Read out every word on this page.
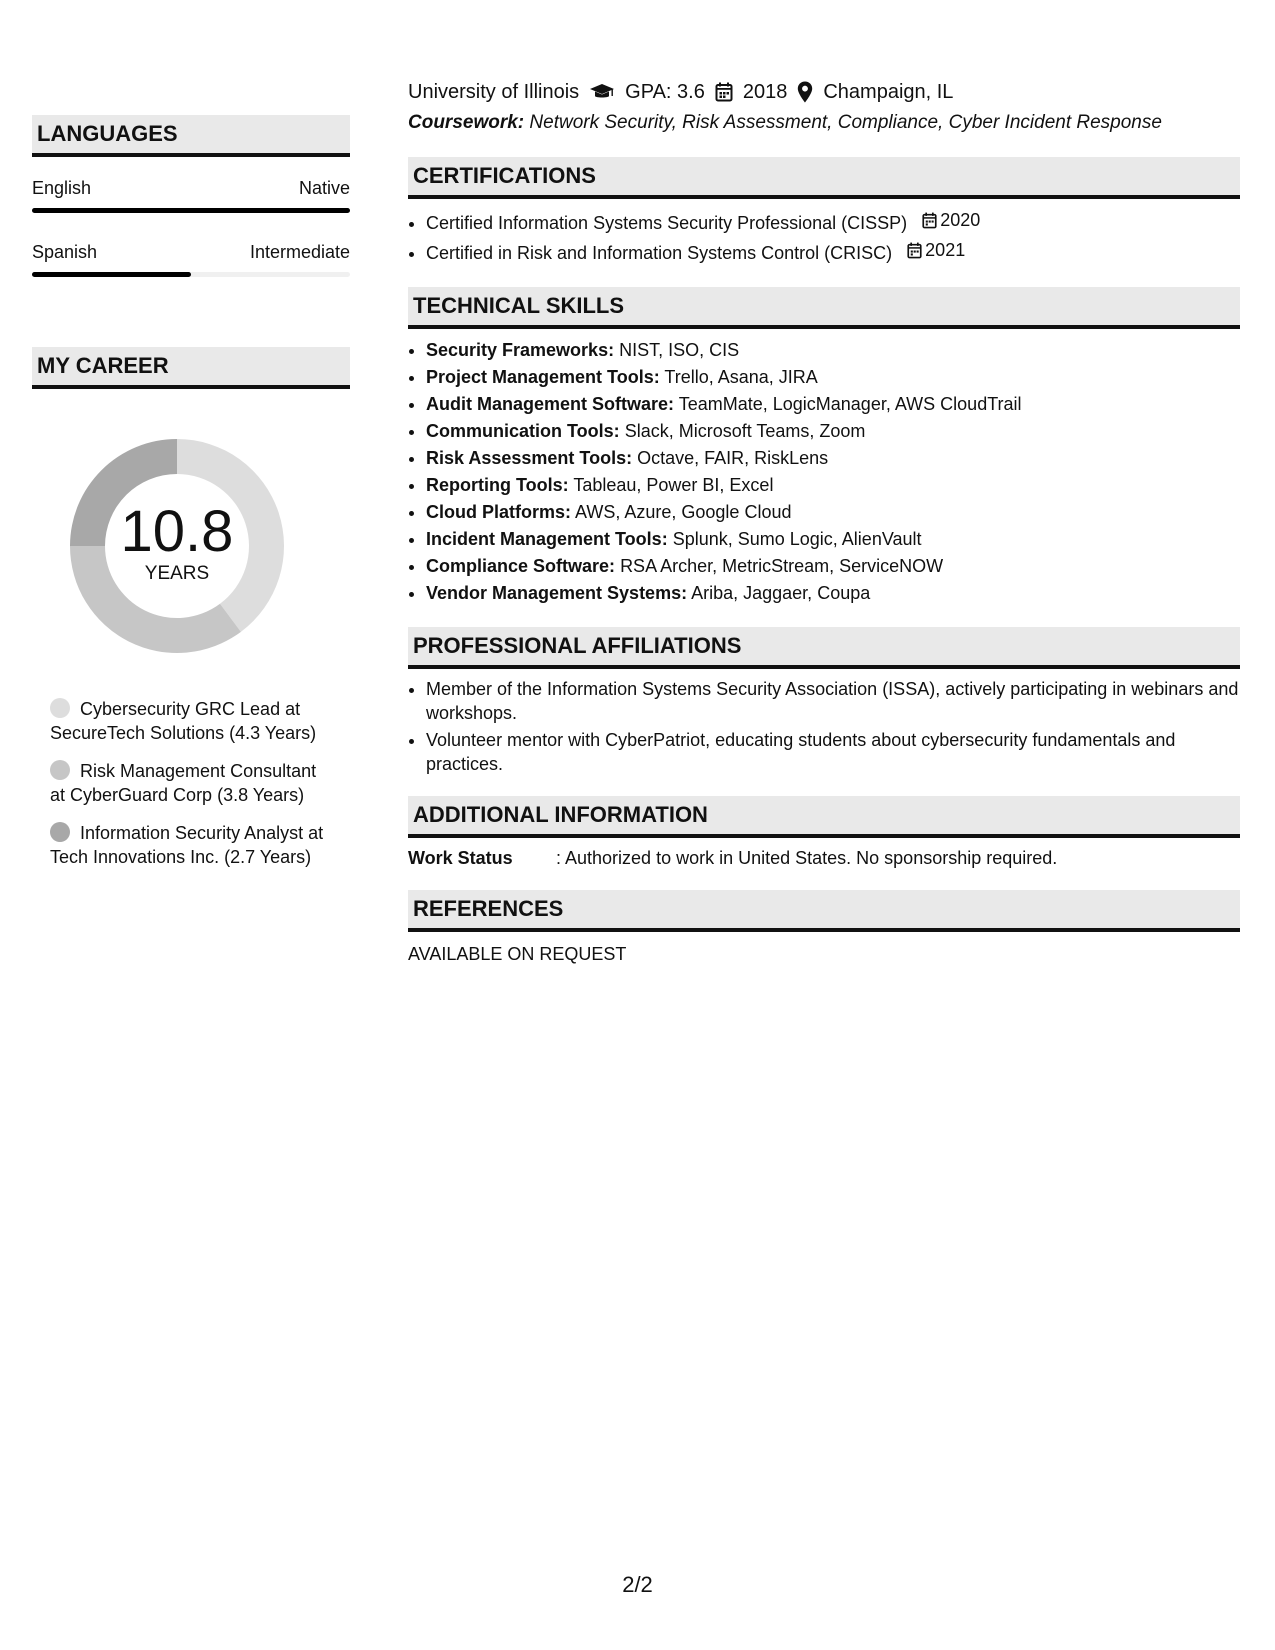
LANGUAGES
English	Native
Spanish	Intermediate
MY CAREER
10.8
YEARS
Cybersecurity GRC Lead at SecureTech Solutions (4.3 Years)
Risk Management Consultant at CyberGuard Corp (3.8 Years)
Information Security Analyst at Tech Innovations Inc. (2.7 Years)
University of Illinois GPA: 3.6 2018 Champaign, IL
Coursework: Network Security, Risk Assessment, Compliance, Cyber Incident Response
CERTIFICATIONS
• Certified Information Systems Security Professional (CISSP) 2020
• Certified in Risk and Information Systems Control (CRISC) 2021
TECHNICAL SKILLS
• Security Frameworks: NIST, ISO, CIS
• Project Management Tools: Trello, Asana, JIRA
• Audit Management Software: TeamMate, LogicManager, AWS CloudTrail
• Communication Tools: Slack, Microsoft Teams, Zoom
• Risk Assessment Tools: Octave, FAIR, RiskLens
• Reporting Tools: Tableau, Power BI, Excel
• Cloud Platforms: AWS, Azure, Google Cloud
• Incident Management Tools: Splunk, Sumo Logic, AlienVault
• Compliance Software: RSA Archer, MetricStream, ServiceNOW
• Vendor Management Systems: Ariba, Jaggaer, Coupa
PROFESSIONAL AFFILIATIONS
• Member of the Information Systems Security Association (ISSA), actively participating in webinars and workshops.
• Volunteer mentor with CyberPatriot, educating students about cybersecurity fundamentals and practices.
ADDITIONAL INFORMATION
Work Status	: Authorized to work in United States. No sponsorship required.
REFERENCES
AVAILABLE ON REQUEST
2/2
